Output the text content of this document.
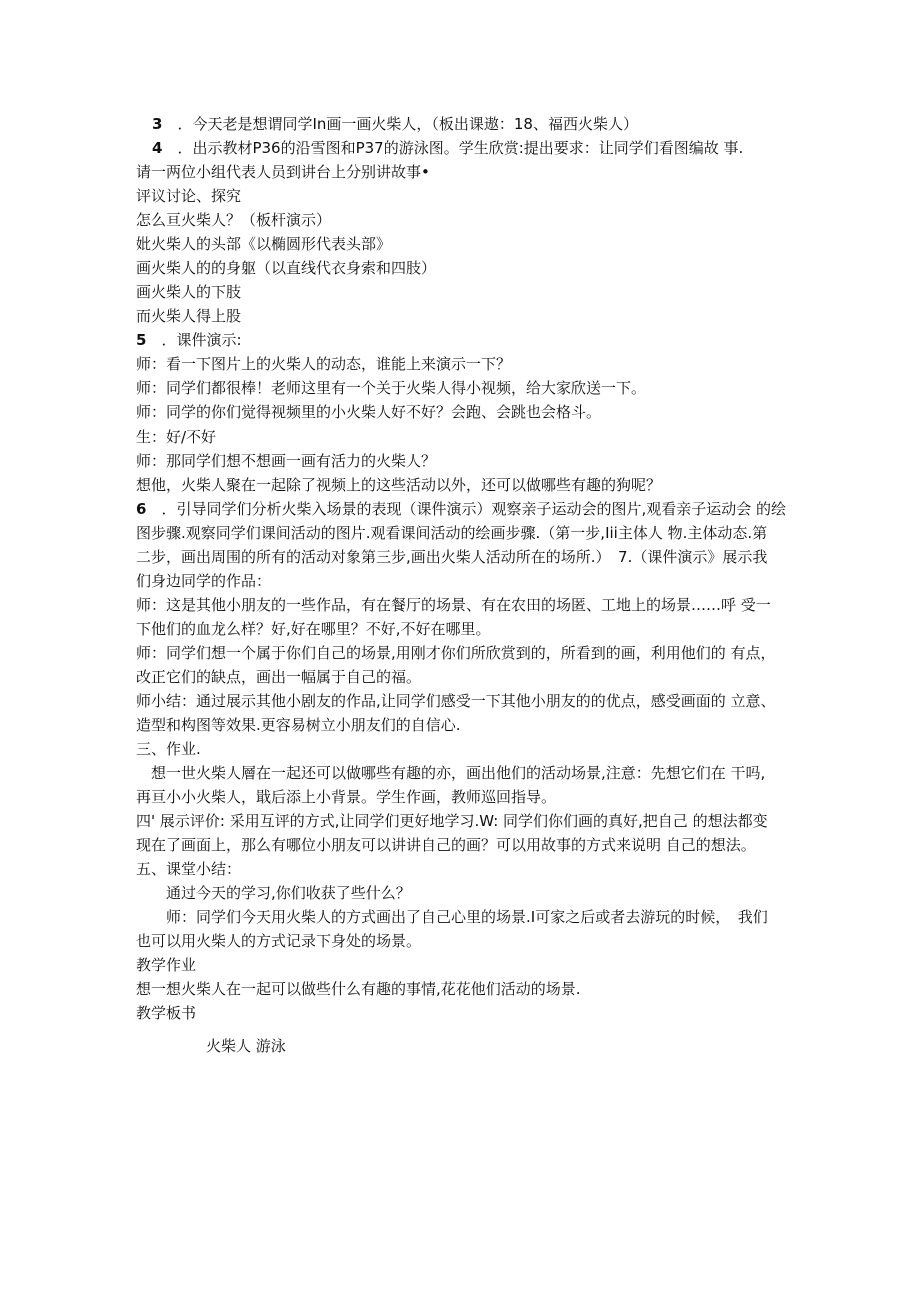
3　 ．今天老是想谓同学In画一画火柴人，（板出课遨：18、福西火柴人）
4　 ．出示教材P36的沿雪图和P37的游泳图。学生欣赏:提出要求：让同学们看图编故 事.
请一两位小组代表人员到讲台上分别讲故事•
评议讨论、探究
怎么亘火柴人？（板杆演示）
妣火柴人的头部《以椭圆形代表头部》
画火柴人的的身躯（以直线代衣身索和四肢）
画火柴人的下肢
而火柴人得上股
5　 ．课件演示:
师：看一下图片上的火柴人的动态，谁能上来演示一下？
师：同学们都很棒！老师这里有一个关于火柴人得小视频，给大家欣送一下。
师：同学的你们觉得视频里的小火柴人好不好？会跑、会跳也会格斗。
生：好/不好
师：那同学们想不想画一画有活力的火柴人？
想他，火柴人聚在一起除了视频上的这些活动以外，还可以做哪些有趣的狗呢？
6　 ．引导同学们分析火柴入场景的表现（课件演示）观察亲子运动会的图片,观看亲子运动会 的绘
图步骤.观察同学们课间活动的图片.观看课间活动的绘画步骤.（第一步,Iii主体人 物.主体动态.第
二步，画出周围的所有的活动对象第三步,画出火柴人活动所在的场所.）　7.（课件演示》展示我
们身边同学的作品：
师：这是其他小朋友的一些作品，有在餐厅的场景、有在农田的场匿、工地上的场景……呼 受一
下他们的血龙么样？好,好在哪里？不好,不好在哪里。
师：同学们想一个属于你们自己的场景,用刚才你们所欣赏到的，所看到的画，利用他们的 有点，
改正它们的缺点，画出一幅属于自己的福。
师小结：通过展示其他小剧友的作品,让同学们感受一下其他小朋友的的优点，感受画面的 立意、
造型和构图等效果.更容易树立小朋友们的自信心.
三、作业.
　想一世火柴人層在一起还可以做哪些有趣的亦，画出他们的活动场景,注意：先想它们在 干吗,
再亘小小火柴人，戢后添上小背景。学生作画，教师巡回指导。
四' 展示评价: 采用互评的方式,让同学们更好地学习.W: 同学们你们画的真好,把自己 的想法都变
现在了画面上，那么有哪位小朋友可以讲讲自己的画？可以用故事的方式来说明 自己的想法。
五、课堂小结：
　　通过今天的学习,你们收获了些什么？
　　师：同学们今天用火柴人的方式画出了自己心里的场景.I可家之后或者去游玩的时候，　我们
也可以用火柴人的方式记录下身处的场景。
教学作业
想一想火柴人在一起可以做些什么有趣的事情,花花他们活动的场景.
教学板书
火柴人 游泳
